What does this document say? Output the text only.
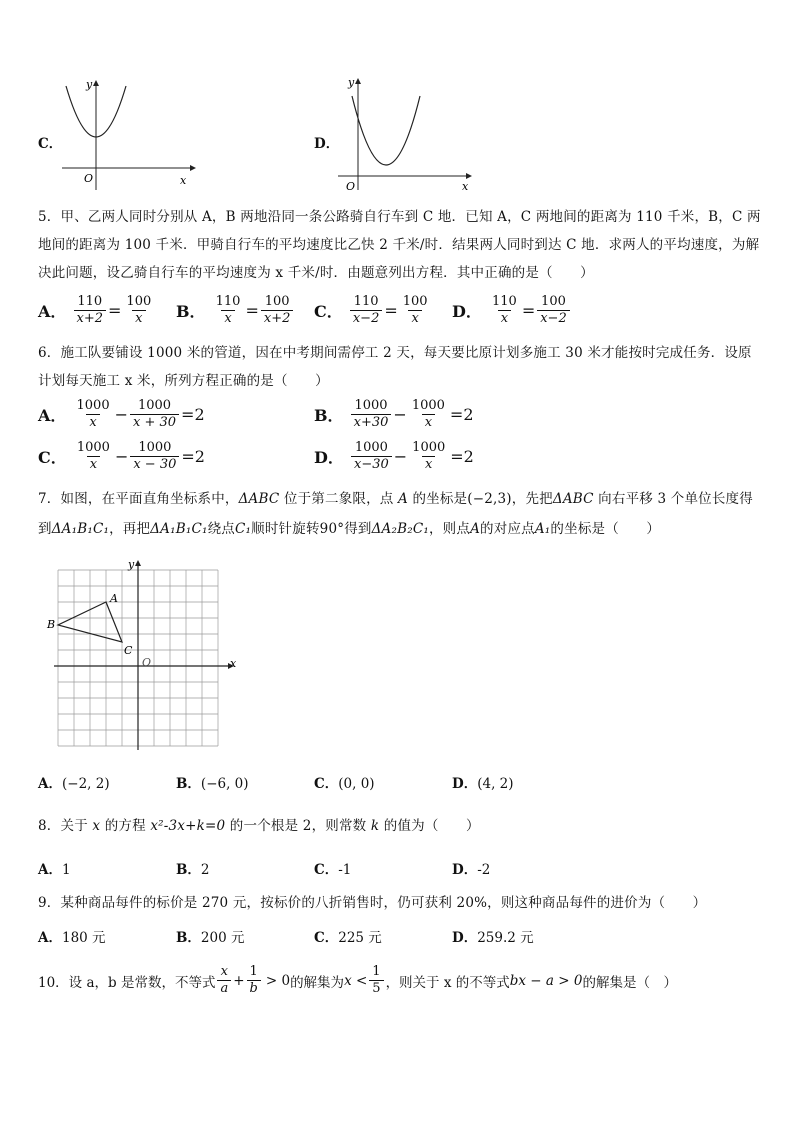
C．
y
x
O
D．
y
x
O
5．甲、乙两人同时分别从 A，B 两地沿同一条公路骑自行车到 C 地．已知 A，C 两地间的距离为 110 千米，B，C 两地间的距离为 100 千米．甲骑自行车的平均速度比乙快 2 千米/时．结果两人同时到达 C 地．求两人的平均速度，为解决此问题，设乙骑自行车的平均速度为 x 千米/时．由题意列出方程．其中正确的是（　　）
A． $\frac{110}{x+2} = \frac{100}{x}$ B． $\frac{110}{x} = \frac{100}{x+2}$ C． $\frac{110}{x-2} = \frac{100}{x}$ D． $\frac{110}{x} = \frac{100}{x-2}$
6．施工队要铺设 1000 米的管道，因在中考期间需停工 2 天，每天要比原计划多施工 30 米才能按时完成任务．设原计划每天施工 x 米，所列方程正确的是（　　）
A． $\frac{1000}{x} - \frac{1000}{x + 30} =2$	B． $\frac{1000}{x+30} - \frac{1000}{x} =2$
C． $\frac{1000}{x} - \frac{1000}{x - 30} =2$	D． $\frac{1000}{x-30} - \frac{1000}{x} =2$
7．如图，在平面直角坐标系中，ΔABC 位于第二象限，点 A 的坐标是(−2,3)，先把ΔABC 向右平移 3 个单位长度得
到ΔA₁B₁C₁，再把ΔA₁B₁C₁绕点C₁顺时针旋转90°得到ΔA₂B₂C₁，则点A的对应点A₁的坐标是（　　）
A
B
C
O
y
x
A．(−2, 2)	B．(−6, 0)	C．(0, 0)	D．(4, 2)
8．关于 x 的方程 x²-3x+k=0 的一个根是 2，则常数 k 的值为（　　）
A．1	B．2	C．-1	D．-2
9．某种商品每件的标价是 270 元，按标价的八折销售时，仍可获利 20%，则这种商品每件的进价为（　　）
A．180 元	B．200 元	C．225 元	D．259.2 元
10．设 a，b 是常数，不等式 $\frac{x}{a} + \frac{1}{b} > 0$ 的解集为 $x < \frac{1}{5}$ ，则关于 x 的不等式 bx − a > 0 的解集是（　）
